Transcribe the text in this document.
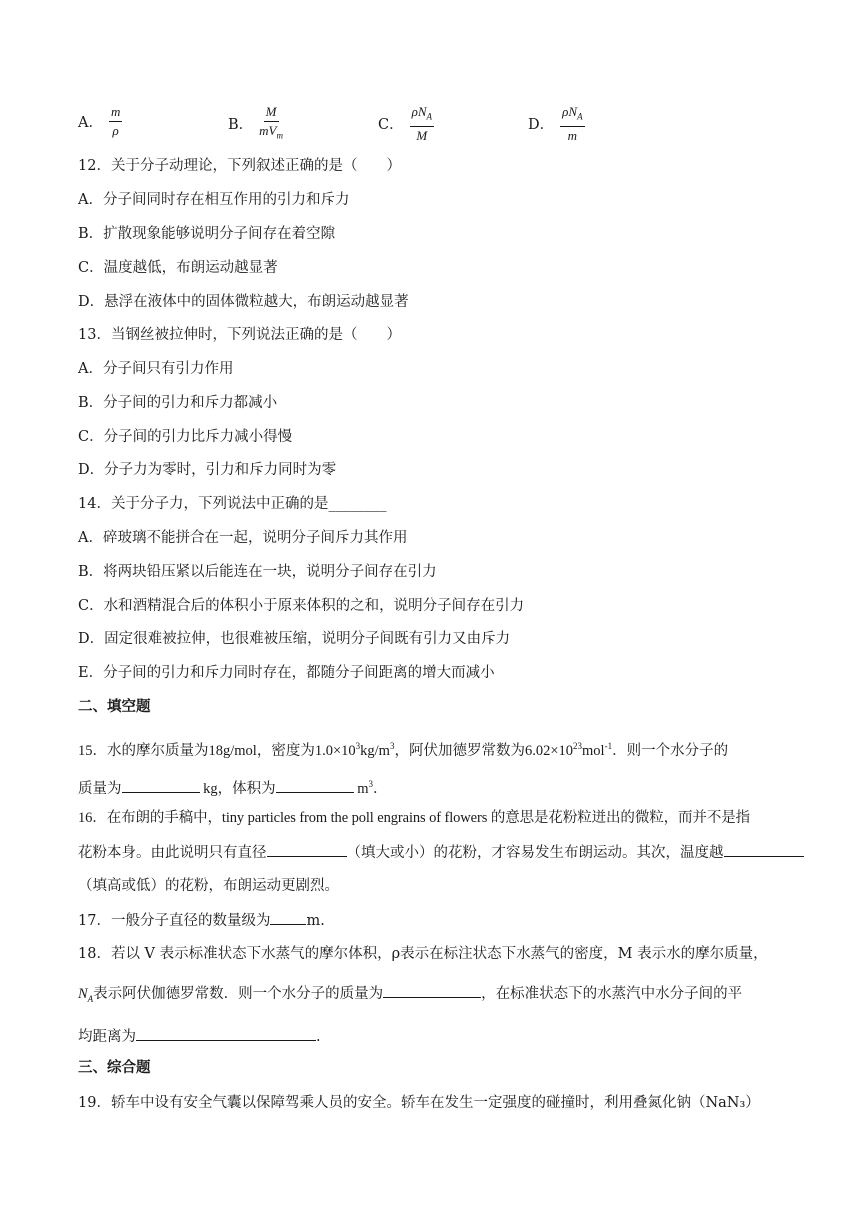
A． $\frac{m}{\rho}$	B． $\frac{M}{mV_m}$	C． $\frac{\rho N_A}{M}$	D． $\frac{\rho N_A}{m}$
12．关于分子动理论，下列叙述正确的是（　　）
A．分子间同时存在相互作用的引力和斥力
B．扩散现象能够说明分子间存在着空隙
C．温度越低，布朗运动越显著
D．悬浮在液体中的固体微粒越大，布朗运动越显著
13．当钢丝被拉伸时，下列说法正确的是（　　）
A．分子间只有引力作用
B．分子间的引力和斥力都减小
C．分子间的引力比斥力减小得慢
D．分子力为零时，引力和斥力同时为零
14．关于分子力，下列说法中正确的是________
A．碎玻璃不能拼合在一起，说明分子间斥力其作用
B．将两块铅压紧以后能连在一块，说明分子间存在引力
C．水和酒精混合后的体积小于原来体积的之和，说明分子间存在引力
D．固定很难被拉伸，也很难被压缩，说明分子间既有引力又由斥力
E．分子间的引力和斥力同时存在，都随分子间距离的增大而减小
二、填空题
15．水的摩尔质量为18g/mol，密度为$1.0\times 10^3kg/m^3$，阿伏加德罗常数为$6.02\times 10^{23}mol^{-1}$．则一个水分子的
质量为	kg，体积为	$m^3$．
16．在布朗的手稿中，tiny particles from the poll engrains of flowers 的意思是花粉粒迸出的微粒，而并不是指
花粉本身。由此说明只有直径	（填大或小）的花粉，才容易发生布朗运动。其次，温度越
（填高或低）的花粉，布朗运动更剧烈。
17．一般分子直径的数量级为 m.
18．若以 V 表示标准状态下水蒸气的摩尔体积，ρ表示在标注状态下水蒸气的密度，M 表示水的摩尔质量，
$N_A$表示阿伏伽德罗常数．则一个水分子的质量为	，在标准状态下的水蒸汽中水分子间的平
均距离为	.
三、综合题
19．轿车中设有安全气囊以保障驾乘人员的安全。轿车在发生一定强度的碰撞时，利用叠氮化钠（NaN₃）
